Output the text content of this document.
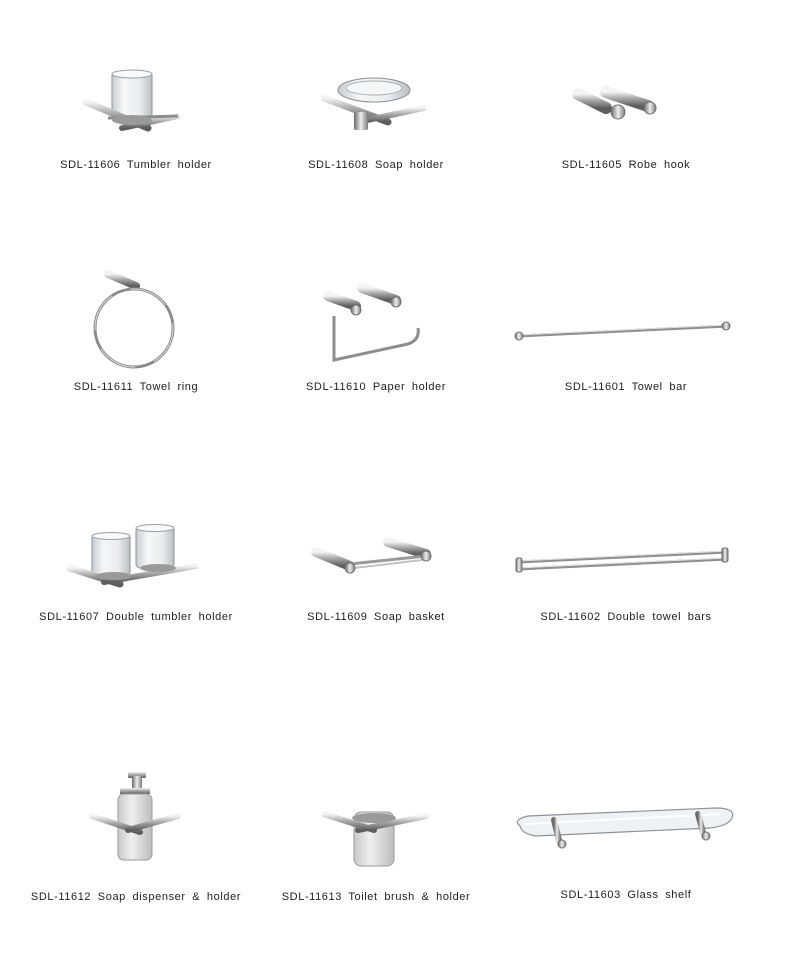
SDL-11606 Tumbler holder	SDL-11608 Soap holder	SDL-11605 Robe hook
SDL-11611 Towel ring	SDL-11610 Paper holder	SDL-11601 Towel bar
SDL-11607 Double tumbler holder	SDL-11609 Soap basket	SDL-11602 Double towel bars
SDL-11612 Soap dispenser & holder	SDL-11613 Toilet brush & holder	SDL-11603 Glass shelf
